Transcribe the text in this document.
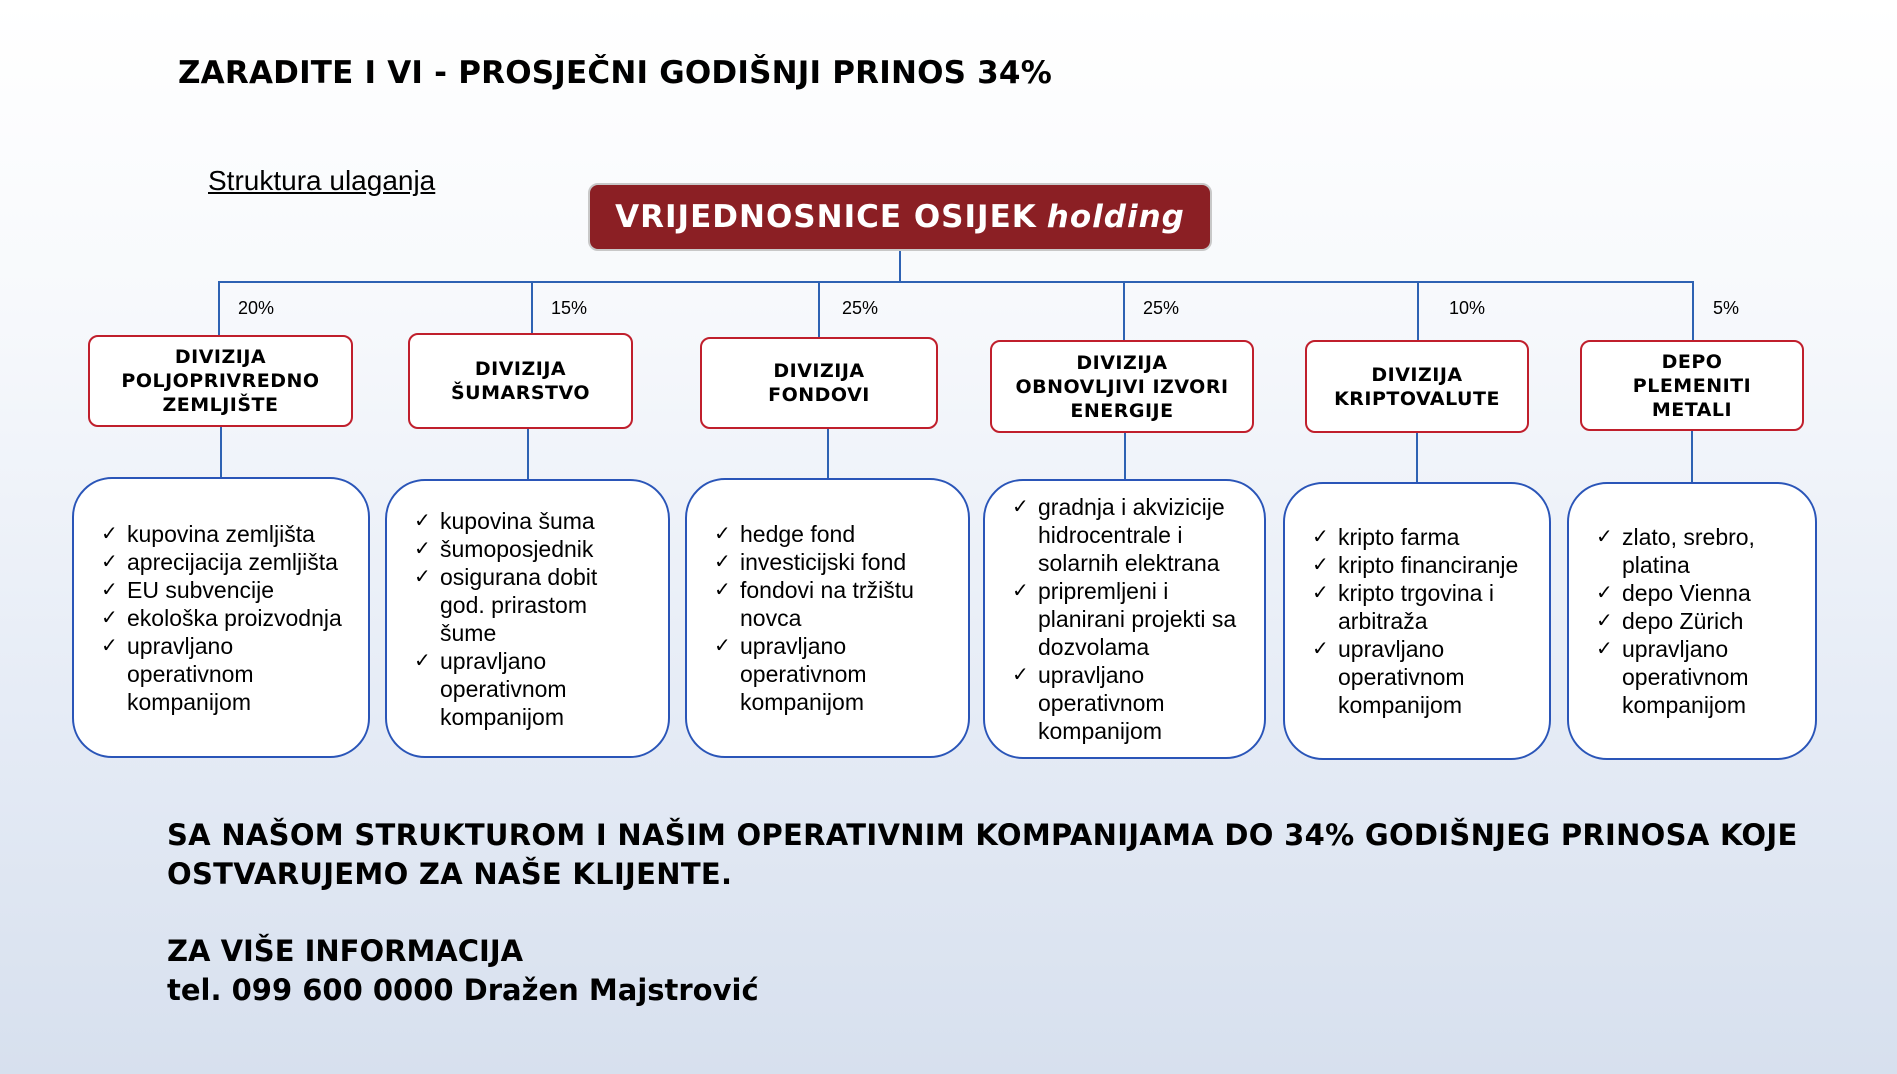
ZARADITE I VI - PROSJEČNI GODIŠNJI PRINOS 34%
Struktura ulaganja
VRIJEDNOSNICE OSIJEK holding
20%
DIVIZIJA
POLJOPRIVREDNO
ZEMLJIŠTE
✓ kupovina zemljišta
✓ aprecijacija zemljišta
✓ EU subvencije
✓ ekološka proizvodnja
✓ upravljano
operativnom
kompanijom
15%
DIVIZIJA
ŠUMARSTVO
✓ kupovina šuma
✓ šumoposjednik
✓ osigurana dobit
god. prirastom
šume
✓ upravljano
operativnom
kompanijom
25%
DIVIZIJA
FONDOVI
✓ hedge fond
✓ investicijski fond
✓ fondovi na tržištu
novca
✓ upravljano
operativnom
kompanijom
25%
DIVIZIJA
OBNOVLJIVI IZVORI
ENERGIJE
✓ gradnja i akvizicije
hidrocentrale i
solarnih elektrana
✓ pripremljeni i
planirani projekti sa
dozvolama
✓ upravljano
operativnom
kompanijom
10%
DIVIZIJA
KRIPTOVALUTE
✓ kripto farma
✓ kripto financiranje
✓ kripto trgovina i
arbitraža
✓ upravljano
operativnom
kompanijom
5%
DEPO
PLEMENITI
METALI
✓ zlato, srebro,
platina
✓ depo Vienna
✓ depo Zürich
✓ upravljano
operativnom
kompanijom
SA NAŠOM STRUKTUROM I NAŠIM OPERATIVNIM KOMPANIJAMA DO 34% GODIŠNJEG PRINOSA KOJE
OSTVARUJEMO ZA NAŠE KLIJENTE.
ZA VIŠE INFORMACIJA
tel. 099 600 0000 Dražen Majstrović
